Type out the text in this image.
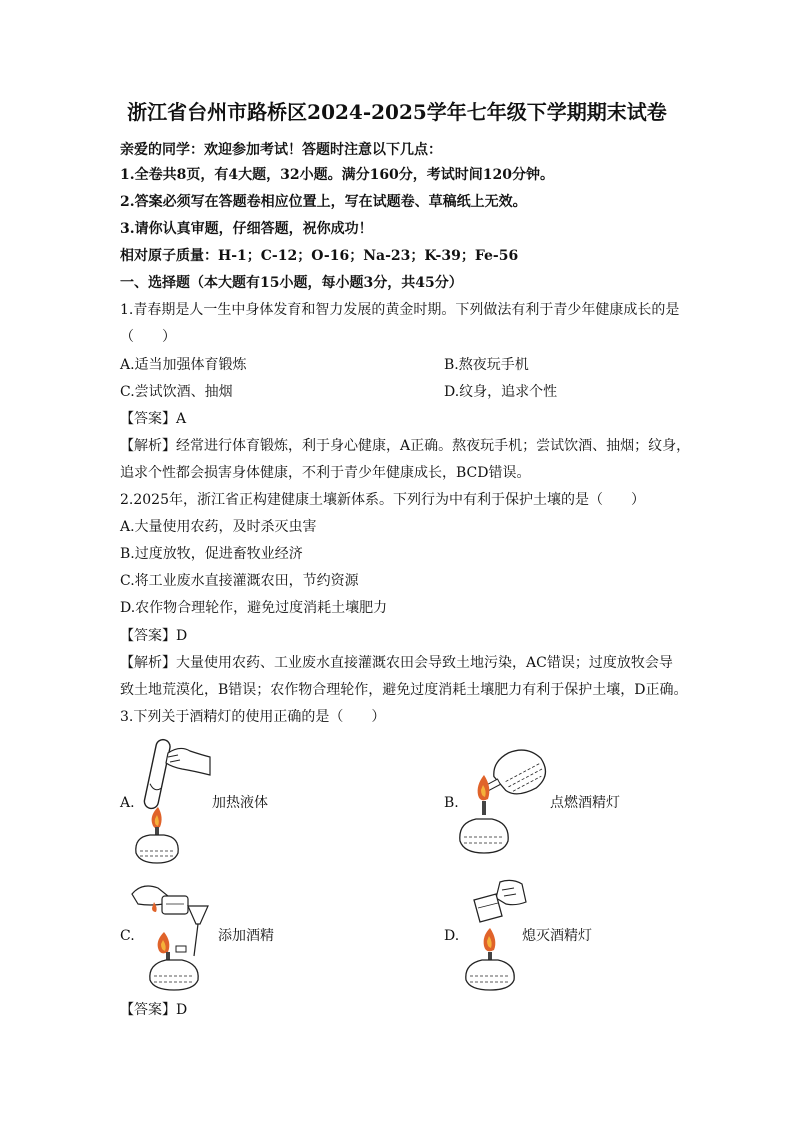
浙江省台州市路桥区2024-2025学年七年级下学期期末试卷
亲爱的同学：欢迎参加考试！答题时注意以下几点：
1.全卷共8页，有4大题，32小题。满分160分，考试时间120分钟。
2.答案必须写在答题卷相应位置上，写在试题卷、草稿纸上无效。
3.请你认真审题，仔细答题，祝你成功！
相对原子质量：H-1；C-12；O-16；Na-23；K-39；Fe-56
一、选择题（本大题有15小题，每小题3分，共45分）
1.青春期是人一生中身体发育和智力发展的黄金时期。下列做法有利于青少年健康成长的是
（　　）
A.适当加强体育锻炼	B.熬夜玩手机
C.尝试饮酒、抽烟	D.纹身，追求个性
【答案】A
【解析】经常进行体育锻炼，利于身心健康，A正确。熬夜玩手机；尝试饮酒、抽烟；纹身，
追求个性都会损害身体健康，不利于青少年健康成长，BCD错误。
2.2025年，浙江省正构建健康土壤新体系。下列行为中有利于保护土壤的是（　　）
A.大量使用农药，及时杀灭虫害
B.过度放牧，促进畜牧业经济
C.将工业废水直接灌溉农田，节约资源
D.农作物合理轮作，避免过度消耗土壤肥力
【答案】D
【解析】大量使用农药、工业废水直接灌溉农田会导致土地污染，AC错误；过度放牧会导
致土地荒漠化，B错误；农作物合理轮作，避免过度消耗土壤肥力有利于保护土壤，D正确。
3.下列关于酒精灯的使用正确的是（　　）
A.	加热液体	B.	点燃酒精灯
C.	添加酒精	D.	熄灭酒精灯
【答案】D
